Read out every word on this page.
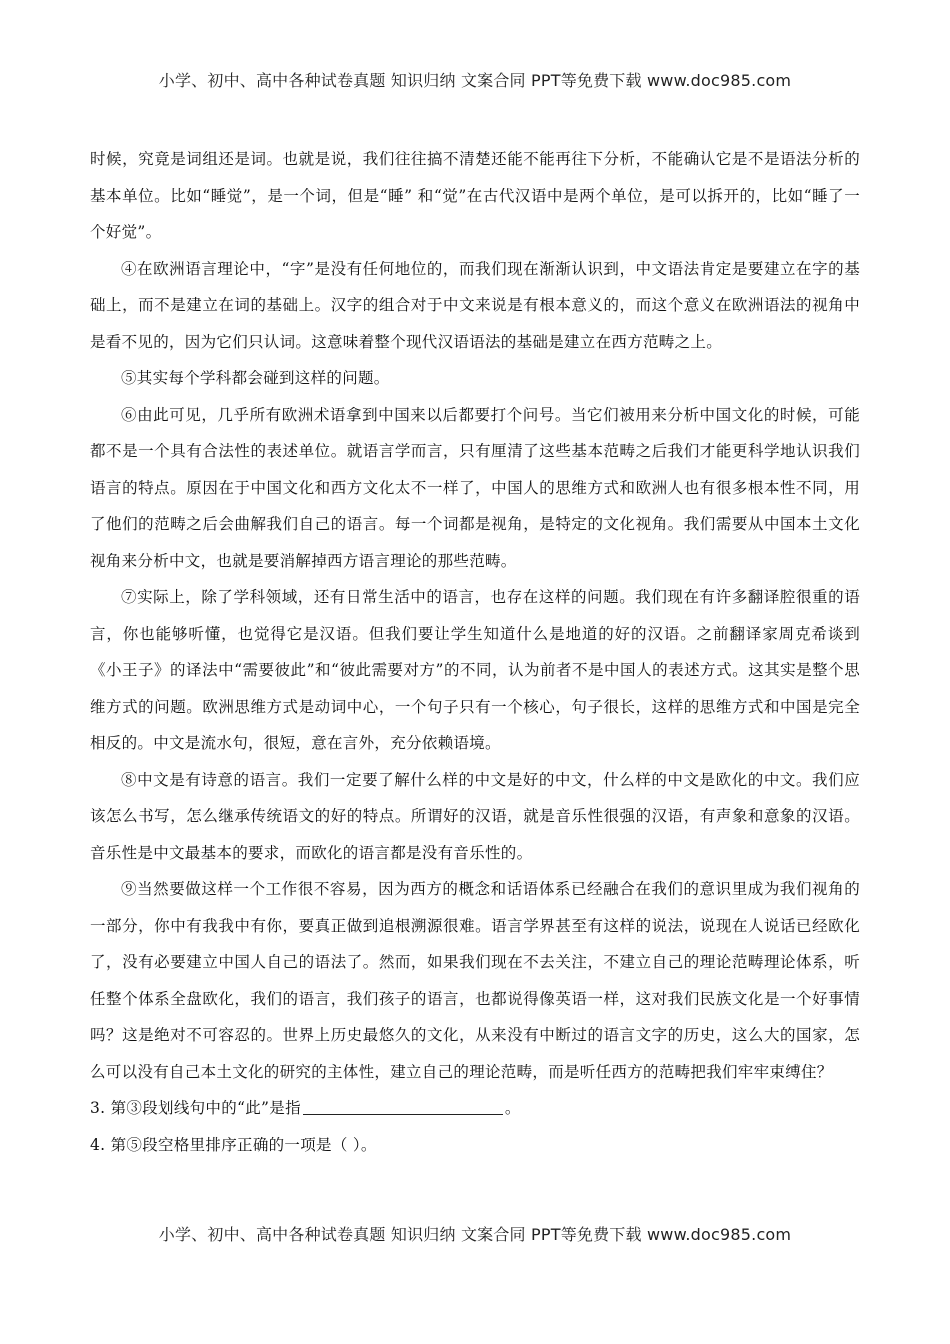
小学、初中、高中各种试卷真题 知识归纳 文案合同 PPT等免费下载 www.doc985.com

时候，究竟是词组还是词。也就是说，我们往往搞不清楚还能不能再往下分析，不能确认它是不是语法分析的基本单位。比如“睡觉”，是一个词，但是“睡” 和“觉”在古代汉语中是两个单位，是可以拆开的，比如“睡了一个好觉”。

④在欧洲语言理论中，“字”是没有任何地位的，而我们现在渐渐认识到，中文语法肯定是要建立在字的基础上，而不是建立在词的基础上。汉字的组合对于中文来说是有根本意义的，而这个意义在欧洲语法的视角中是看不见的，因为它们只认词。这意味着整个现代汉语语法的基础是建立在西方范畴之上。

⑤其实每个学科都会碰到这样的问题。

⑥由此可见，几乎所有欧洲术语拿到中国来以后都要打个问号。当它们被用来分析中国文化的时候，可能都不是一个具有合法性的表述单位。就语言学而言，只有厘清了这些基本范畴之后我们才能更科学地认识我们语言的特点。原因在于中国文化和西方文化太不一样了，中国人的思维方式和欧洲人也有很多根本性不同，用了他们的范畴之后会曲解我们自己的语言。每一个词都是视角，是特定的文化视角。我们需要从中国本土文化视角来分析中文，也就是要消解掉西方语言理论的那些范畴。

⑦实际上，除了学科领域，还有日常生活中的语言，也存在这样的问题。我们现在有许多翻译腔很重的语言，你也能够听懂，也觉得它是汉语。但我们要让学生知道什么是地道的好的汉语。之前翻译家周克希谈到《小王子》的译法中“需要彼此”和“彼此需要对方”的不同，认为前者不是中国人的表述方式。这其实是整个思维方式的问题。欧洲思维方式是动词中心，一个句子只有一个核心，句子很长，这样的思维方式和中国是完全相反的。中文是流水句，很短，意在言外，充分依赖语境。

⑧中文是有诗意的语言。我们一定要了解什么样的中文是好的中文，什么样的中文是欧化的中文。我们应该怎么书写，怎么继承传统语文的好的特点。所谓好的汉语，就是音乐性很强的汉语，有声象和意象的汉语。音乐性是中文最基本的要求，而欧化的语言都是没有音乐性的。

⑨当然要做这样一个工作很不容易，因为西方的概念和话语体系已经融合在我们的意识里成为我们视角的一部分，你中有我我中有你，要真正做到追根溯源很难。语言学界甚至有这样的说法，说现在人说话已经欧化了，没有必要建立中国人自己的语法了。然而，如果我们现在不去关注，不建立自己的理论范畴理论体系，听任整个体系全盘欧化，我们的语言，我们孩子的语言，也都说得像英语一样，这对我们民族文化是一个好事情吗？这是绝对不可容忍的。世界上历史最悠久的文化，从来没有中断过的语言文字的历史，这么大的国家，怎么可以没有自己本土文化的研究的主体性，建立自己的理论范畴，而是听任西方的范畴把我们牢牢束缚住？

3. 第③段划线句中的“此”是指	。

4. 第⑤段空格里排序正确的一项是（ ）。

小学、初中、高中各种试卷真题 知识归纳 文案合同 PPT等免费下载 www.doc985.com
